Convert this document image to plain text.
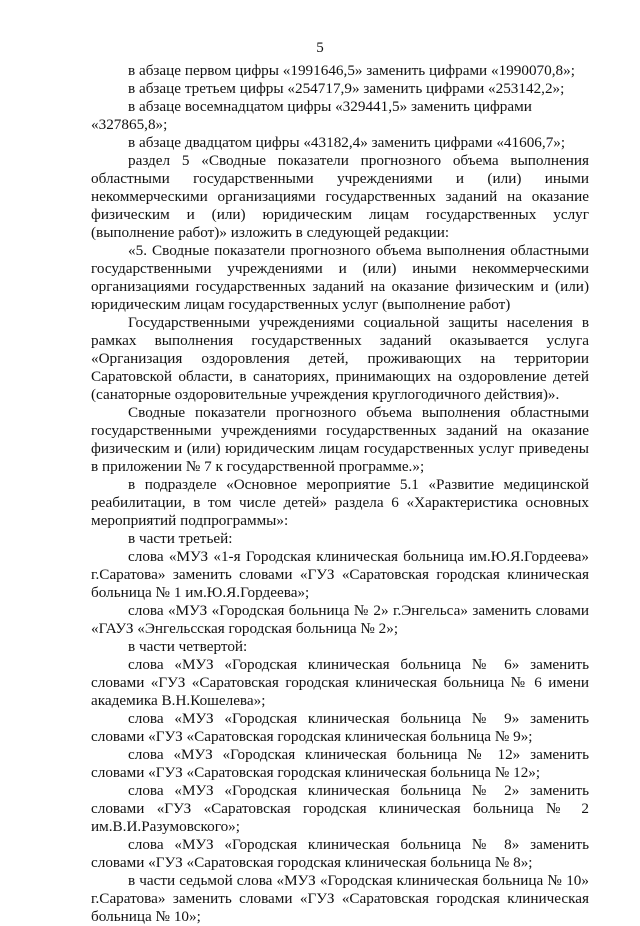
5

в абзаце первом цифры «1991646,5» заменить цифрами «1990070,8»;

в абзаце третьем цифры «254717,9» заменить цифрами «253142,2»;

в абзаце восемнадцатом цифры «329441,5» заменить цифрами «327865,8»;

в абзаце двадцатом цифры «43182,4» заменить цифрами «41606,7»;

раздел 5 «Сводные показатели прогнозного объема выполнения областными государственными учреждениями и (или) иными некоммерческими организациями государственных заданий на оказание физическим и (или) юридическим лицам государственных услуг (выполнение работ)» изложить в следующей редакции:

«5. Сводные показатели прогнозного объема выполнения областными государственными учреждениями и (или) иными некоммерческими организациями государственных заданий на оказание физическим и (или) юридическим лицам государственных услуг (выполнение работ)

Государственными учреждениями социальной защиты населения в рамках выполнения государственных заданий оказывается услуга «Организация оздоровления детей, проживающих на территории Саратовской области, в санаториях, принимающих на оздоровление детей (санаторные оздоровительные учреждения круглогодичного действия)».

Сводные показатели прогнозного объема выполнения областными государственными учреждениями государственных заданий на оказание физическим и (или) юридическим лицам государственных услуг приведены в приложении № 7 к государственной программе.»;

в подразделе «Основное мероприятие 5.1 «Развитие медицинской реабилитации, в том числе детей» раздела 6 «Характеристика основных мероприятий подпрограммы»:

в части третьей:

слова «МУЗ «1-я Городская клиническая больница им.Ю.Я.Гордеева» г.Саратова» заменить словами «ГУЗ «Саратовская городская клиническая больница № 1 им.Ю.Я.Гордеева»;

слова «МУЗ «Городская больница № 2» г.Энгельса» заменить словами «ГАУЗ «Энгельсская городская больница № 2»;

в части четвертой:

слова «МУЗ «Городская клиническая больница № 6» заменить словами «ГУЗ «Саратовская городская клиническая больница № 6 имени академика В.Н.Кошелева»;

слова «МУЗ «Городская клиническая больница № 9» заменить словами «ГУЗ «Саратовская городская клиническая больница № 9»;

слова «МУЗ «Городская клиническая больница № 12» заменить словами «ГУЗ «Саратовская городская клиническая больница № 12»;

слова «МУЗ «Городская клиническая больница № 2» заменить словами «ГУЗ «Саратовская городская клиническая больница № 2 им.В.И.Разумовского»;

слова «МУЗ «Городская клиническая больница № 8» заменить словами «ГУЗ «Саратовская городская клиническая больница № 8»;

в части седьмой слова «МУЗ «Городская клиническая больница № 10» г.Саратова» заменить словами «ГУЗ «Саратовская городская клиническая больница № 10»;
